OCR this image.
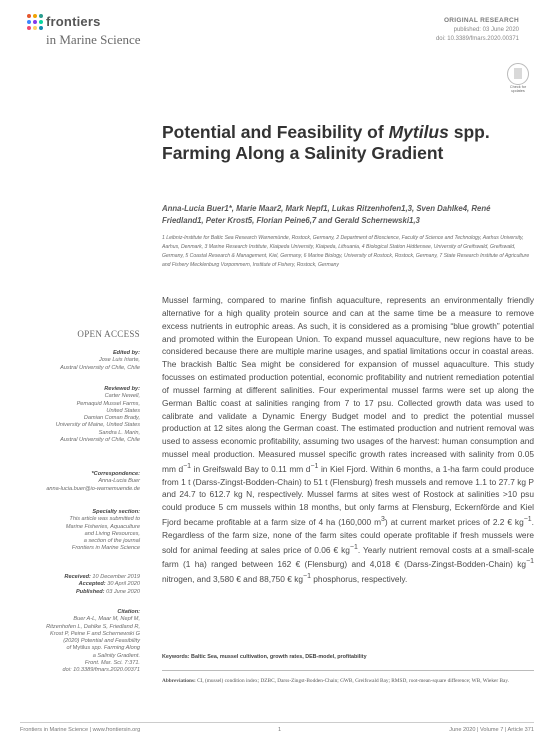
frontiers
in Marine Science
ORIGINAL RESEARCH
published: 03 June 2020
doi: 10.3389/fmars.2020.00371
Check for
updates
Potential and Feasibility of Mytilus spp. Farming Along a Salinity Gradient
Anna-Lucia Buer1*, Marie Maar2, Mark Nepf1, Lukas Ritzenhofen1,3, Sven Dahlke4, René Friedland1, Peter Krost5, Florian Peine6,7 and Gerald Schernewski1,3
1 Leibniz-Institute for Baltic Sea Research Warnemünde, Rostock, Germany, 2 Department of Bioscience, Faculty of Science and Technology, Aarhus University, Aarhus, Denmark, 3 Marine Research Institute, Klaipeda University, Klaipeda, Lithuania, 4 Biological Station Hiddensee, University of Greifswald, Greifswald, Germany, 5 Coastal Research & Management, Kiel, Germany, 6 Marine Biology, University of Rostock, Rostock, Germany, 7 State Research Institute of Agriculture and Fishery Mecklenburg Vorpommern, Institute of Fishery, Rostock, Germany
OPEN ACCESS
Edited by:
Jose Luis Iriarte,
Austral University of Chile, Chile
Reviewed by:
Carter Newell,
Pemaquid Mussel Farms,
United States
Damian Coman Brady,
University of Maine, United States
Sandra L. Marin,
Austral University of Chile, Chile
*Correspondence:
Anna-Lucia Buer
anna-lucia.buer@io-warnemuende.de
Specialty section:
This article was submitted to
Marine Fisheries, Aquaculture
and Living Resources,
a section of the journal
Frontiers in Marine Science
Received: 10 December 2019
Accepted: 30 April 2020
Published: 03 June 2020
Citation:
Buer A-L, Maar M, Nepf M,
Ritzenhofen L, Dahlke S, Friedland R,
Krost P, Peine F and Schernewski G
(2020) Potential and Feasibility
of Mytilus spp. Farming Along
a Salinity Gradient.
Front. Mar. Sci. 7:371.
doi: 10.3389/fmars.2020.00371
Mussel farming, compared to marine finfish aquaculture, represents an environmentally friendly alternative for a high quality protein source and can at the same time be a measure to remove excess nutrients in eutrophic areas. As such, it is considered as a promising “blue growth” potential and promoted within the European Union. To expand mussel aquaculture, new regions have to be considered because there are multiple marine usages, and spatial limitations occur in coastal areas. The brackish Baltic Sea might be considered for expansion of mussel aquaculture. This study focusses on estimated production potential, economic profitability and nutrient remediation potential of mussel farming at different salinities. Four experimental mussel farms were set up along the German Baltic coast at salinities ranging from 7 to 17 psu. Collected growth data was used to calibrate and validate a Dynamic Energy Budget model and to predict the potential mussel production at 12 sites along the German coast. The estimated production and nutrient removal was used to assess economic profitability, assuming two usages of the harvest: human consumption and mussel meal production. Measured mussel specific growth rates increased with salinity from 0.05 mm $d^{-1}$ in Greifswald Bay to 0.11 mm $d^{-1}$ in Kiel Fjord. Within 6 months, a 1-ha farm could produce from 1 t (Darss-Zingst-Bodden-Chain) to 51 t (Flensburg) fresh mussels and remove 1.1 to 27.7 kg P and 24.7 to 612.7 kg N, respectively. Mussel farms at sites west of Rostock at salinities >10 psu could produce 5 cm mussels within 18 months, but only farms at Flensburg, Eckernförde and Kiel Fjord became profitable at a farm size of 4 ha (160,000 $m^3$) at current market prices of 2.2 € $kg^{-1}$. Regardless of the farm size, none of the farm sites could operate profitable if fresh mussels were sold for animal feeding at sales price of 0.06 € $kg^{-1}$. Yearly nutrient removal costs at a small-scale farm (1 ha) ranged between 162 € (Flensburg) and 4,018 € (Darss-Zingst-Bodden-Chain) $kg^{-1}$ nitrogen, and 3,580 € and 88,750 € $kg^{-1}$ phosphorus, respectively.
Keywords: Baltic Sea, mussel cultivation, growth rates, DEB-model, profitability
Abbreviations: CI, (mussel) condition index; DZBC, Darss-Zingst-Bodden-Chain; GWB, Greifswald Bay; RMSD, root-mean-square difference; WB, Wieker Bay.
Frontiers in Marine Science | www.frontiersin.org	1	June 2020 | Volume 7 | Article 371
